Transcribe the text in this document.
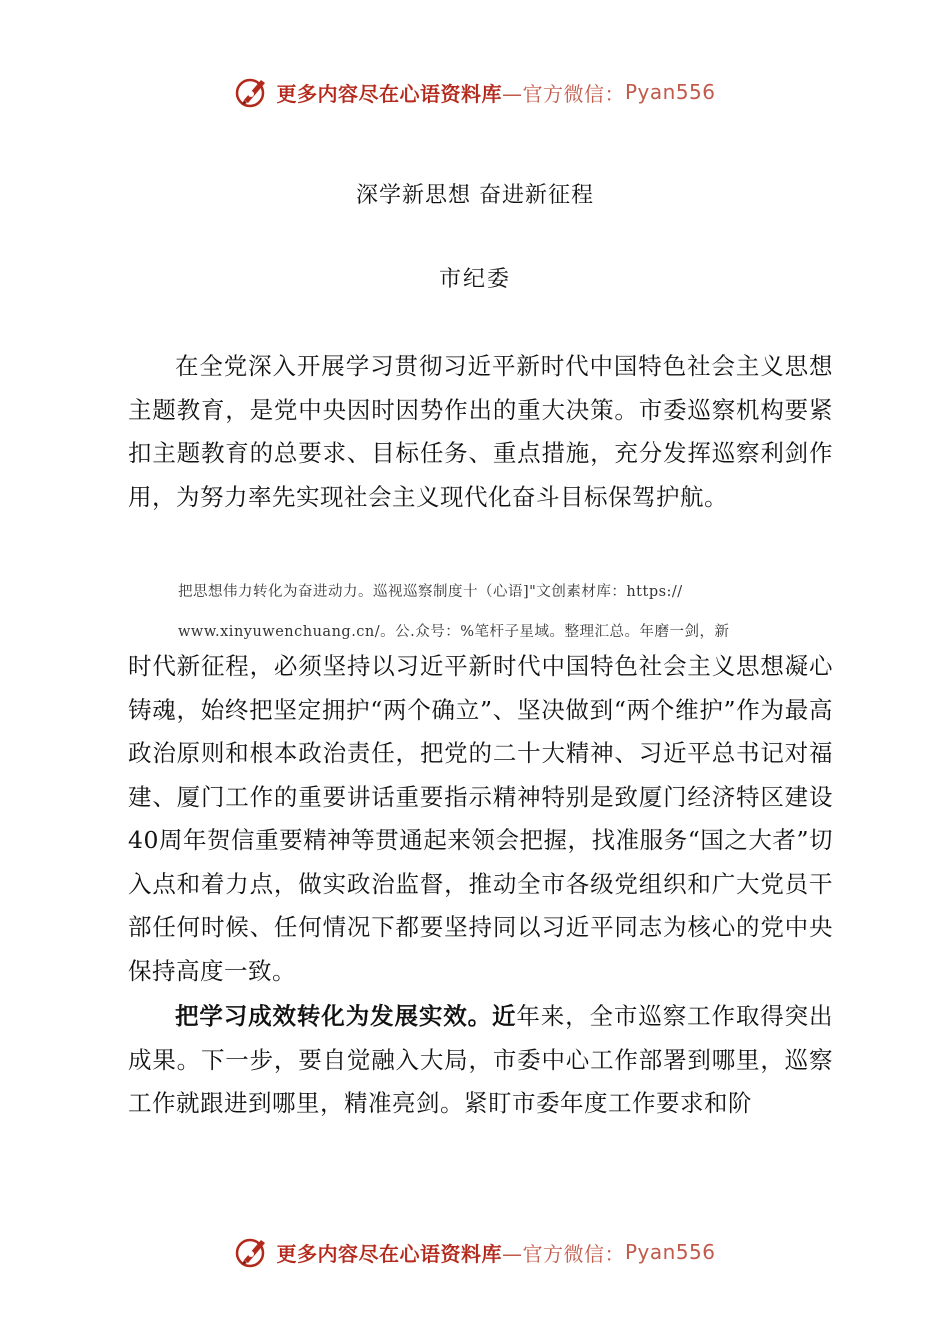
更多内容尽在心语资料库 —官方微信： Pyan556
深学新思想 奋进新征程
市纪委
在全党深入开展学习贯彻习近平新时代中国特色社会主义思想主题教育，是党中央因时因势作出的重大决策。市委巡察机构要紧扣主题教育的总要求、目标任务、重点措施，充分发挥巡察利剑作用，为努力率先实现社会主义现代化奋斗目标保驾护航。
把思想伟力转化为奋进动力。巡视巡察制度十（心语]"文创素材库：https://
www.xinyuwenchuang.cn/。公.众号：%笔杆子星域。整理汇总。年磨一剑，新
时代新征程，必须坚持以习近平新时代中国特色社会主义思想凝心铸魂，始终把坚定拥护“两个确立”、坚决做到“两个维护”作为最高政治原则和根本政治责任，把党的二十大精神、习近平总书记对福建、厦门工作的重要讲话重要指示精神特别是致厦门经济特区建设 40周年贺信重要精神等贯通起来领会把握，找准服务“国之大者”切入点和着力点，做实政治监督，推动全市各级党组织和广大党员干部任何时候、任何情况下都要坚持同以习近平同志为核心的党中央保持高度一致。
把学习成效转化为发展实效。近年来，全市巡察工作取得突出成果。下一步，要自觉融入大局，市委中心工作部署到哪里，巡察工作就跟进到哪里，精准亮剑。紧盯市委年度工作要求和阶
更多内容尽在心语资料库 —官方微信： Pyan556
